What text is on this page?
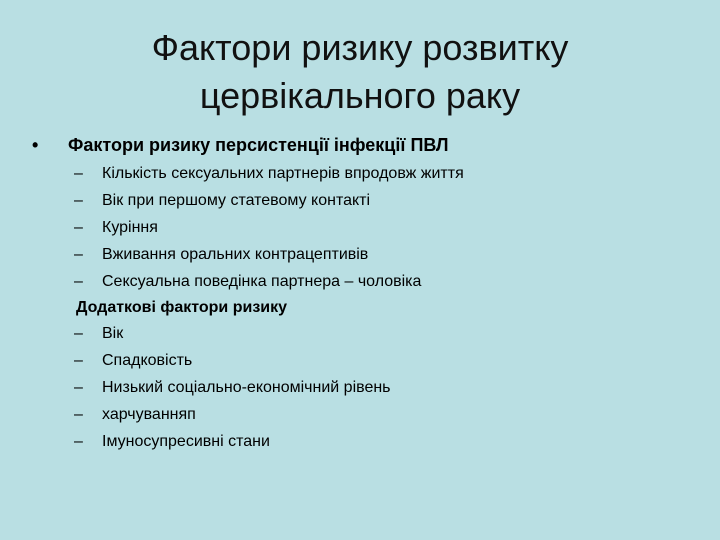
Фактори ризику розвитку
цервікального раку
• Фактори ризику персистенції інфекції ПВЛ
– Кількість сексуальних партнерів впродовж життя
– Вік при першому статевому контакті
– Куріння
– Вживання оральних контрацептивів
– Сексуальна поведінка партнера – чоловіка
Додаткові фактори ризику
– Вік
– Спадковість
– Низький соціально-економічний рівень
– харчуванняп
– Імуносупресивні стани
